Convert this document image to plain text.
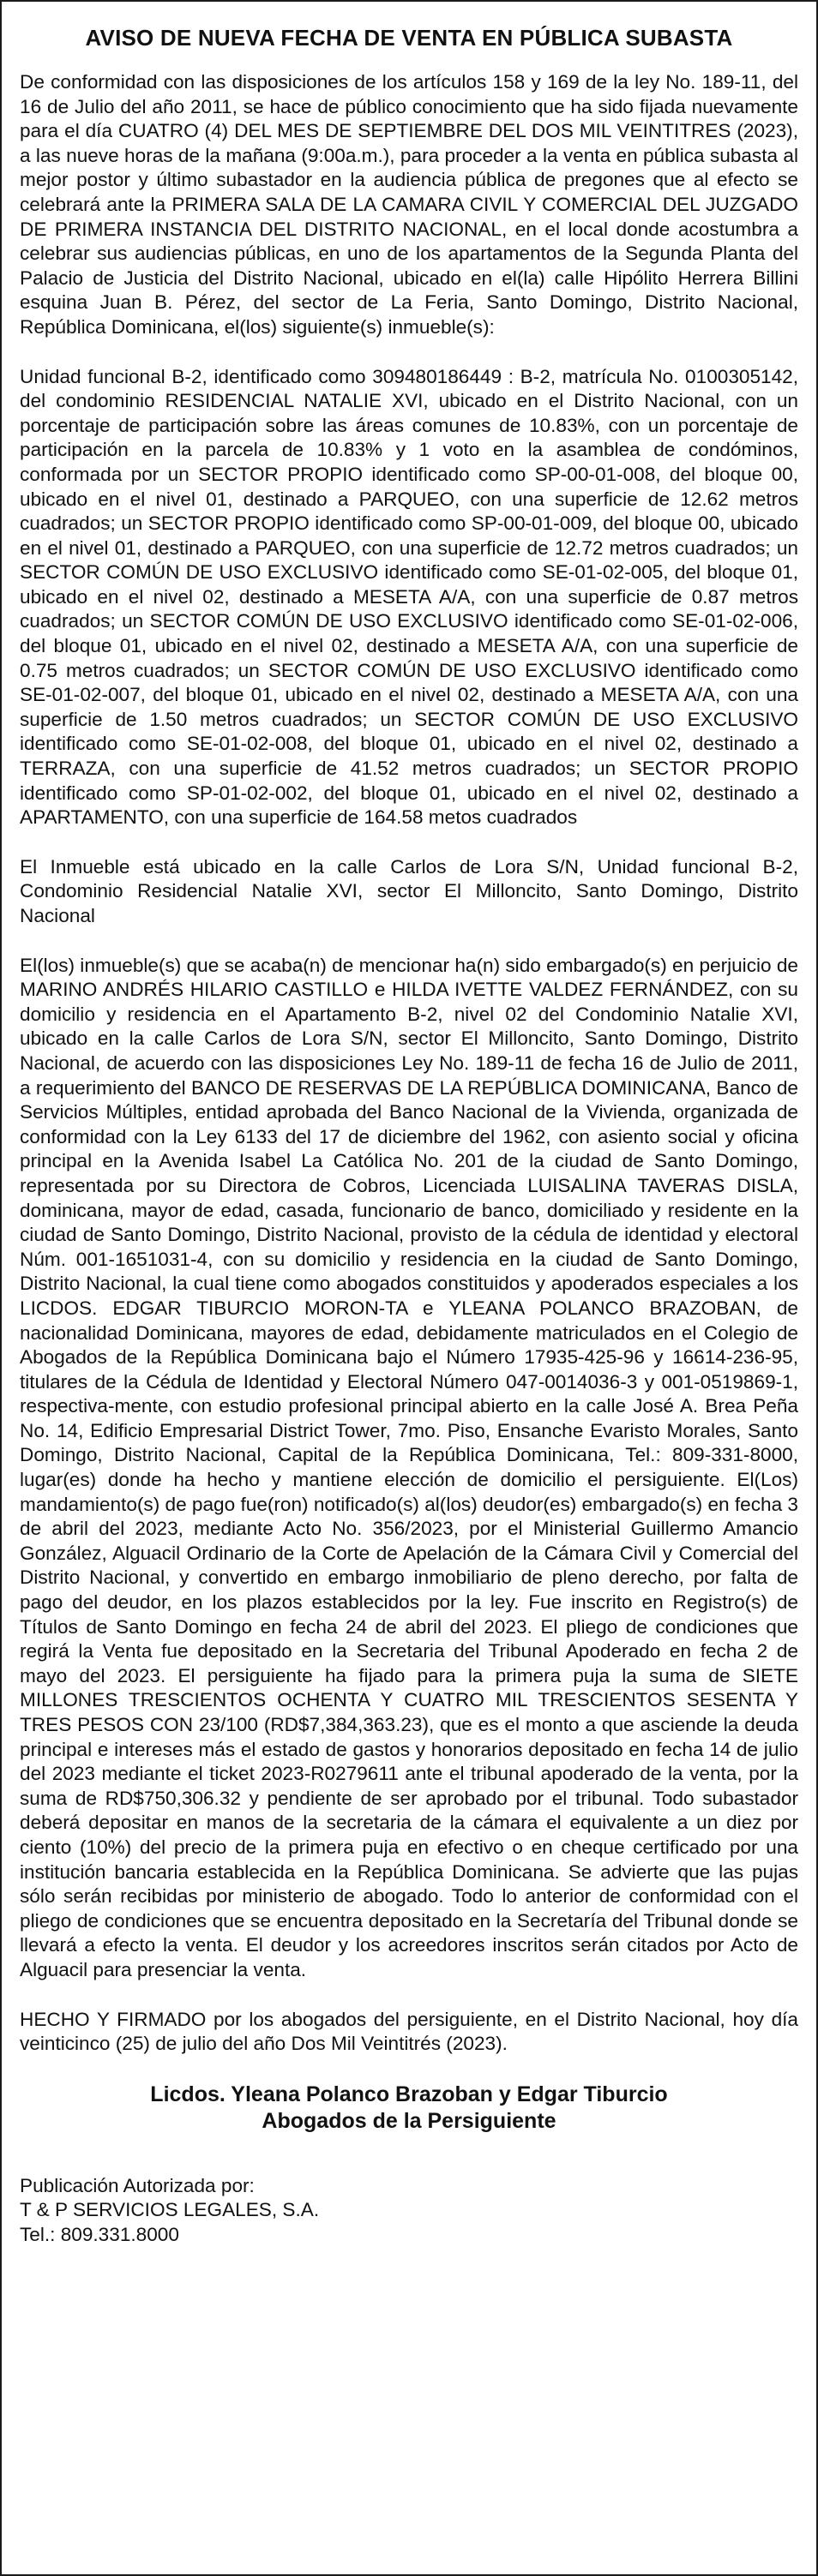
AVISO DE NUEVA FECHA DE VENTA EN PÚBLICA SUBASTA
De conformidad con las disposiciones de los artículos 158 y 169 de la ley No. 189-11, del 16 de Julio del año 2011, se hace de público conocimiento que ha sido fijada nuevamente para el día CUATRO (4) DEL MES DE SEPTIEMBRE DEL DOS MIL VEINTITRES (2023), a las nueve horas de la mañana (9:00a.m.), para proceder a la venta en pública subasta al mejor postor y último subastador en la audiencia pública de pregones que al efecto se celebrará ante la PRIMERA SALA DE LA CAMARA CIVIL Y COMERCIAL DEL JUZGADO DE PRIMERA INSTANCIA DEL DISTRITO NACIONAL, en el local donde acostumbra a celebrar sus audiencias públicas, en uno de los apartamentos de la Segunda Planta del Palacio de Justicia del Distrito Nacional, ubicado en el(la) calle Hipólito Herrera Billini esquina Juan B. Pérez, del sector de La Feria, Santo Domingo, Distrito Nacional, República Dominicana, el(los) siguiente(s) inmueble(s):
Unidad funcional B-2, identificado como 309480186449 : B-2, matrícula No. 0100305142, del condominio RESIDENCIAL NATALIE XVI, ubicado en el Distrito Nacional, con un porcentaje de participación sobre las áreas comunes de 10.83%, con un porcentaje de participación en la parcela de 10.83% y 1 voto en la asamblea de condóminos, conformada por un SECTOR PROPIO identificado como SP-00-01-008, del bloque 00, ubicado en el nivel 01, destinado a PARQUEO, con una superficie de 12.62 metros cuadrados; un SECTOR PROPIO identificado como SP-00-01-009, del bloque 00, ubicado en el nivel 01, destinado a PARQUEO, con una superficie de 12.72 metros cuadrados; un SECTOR COMÚN DE USO EXCLUSIVO identificado como SE-01-02-005, del bloque 01, ubicado en el nivel 02, destinado a MESETA A/A, con una superficie de 0.87 metros cuadrados; un SECTOR COMÚN DE USO EXCLUSIVO identificado como SE-01-02-006, del bloque 01, ubicado en el nivel 02, destinado a MESETA A/A, con una superficie de 0.75 metros cuadrados; un SECTOR COMÚN DE USO EXCLUSIVO identificado como SE-01-02-007, del bloque 01, ubicado en el nivel 02, destinado a MESETA A/A, con una superficie de 1.50 metros cuadrados; un SECTOR COMÚN DE USO EXCLUSIVO identificado como SE-01-02-008, del bloque 01, ubicado en el nivel 02, destinado a TERRAZA, con una superficie de 41.52 metros cuadrados; un SECTOR PROPIO identificado como SP-01-02-002, del bloque 01, ubicado en el nivel 02, destinado a APARTAMENTO, con una superficie de 164.58 metos cuadrados
El Inmueble está ubicado en la calle Carlos de Lora S/N, Unidad funcional B-2, Condominio Residencial Natalie XVI, sector El Milloncito, Santo Domingo, Distrito Nacional
El(los) inmueble(s) que se acaba(n) de mencionar ha(n) sido embargado(s) en perjuicio de MARINO ANDRÉS HILARIO CASTILLO e HILDA IVETTE VALDEZ FERNÁNDEZ, con su domicilio y residencia en el Apartamento B-2, nivel 02 del Condominio Natalie XVI, ubicado en la calle Carlos de Lora S/N, sector El Milloncito, Santo Domingo, Distrito Nacional, de acuerdo con las disposiciones Ley No. 189-11 de fecha 16 de Julio de 2011, a requerimiento del BANCO DE RESERVAS DE LA REPÚBLICA DOMINICANA, Banco de Servicios Múltiples, entidad aprobada del Banco Nacional de la Vivienda, organizada de conformidad con la Ley 6133 del 17 de diciembre del 1962, con asiento social y oficina principal en la Avenida Isabel La Católica No. 201 de la ciudad de Santo Domingo, representada por su Directora de Cobros, Licenciada LUISALINA TAVERAS DISLA, dominicana, mayor de edad, casada, funcionario de banco, domiciliado y residente en la ciudad de Santo Domingo, Distrito Nacional, provisto de la cédula de identidad y electoral Núm. 001-1651031-4, con su domicilio y residencia en la ciudad de Santo Domingo, Distrito Nacional, la cual tiene como abogados constituidos y apoderados especiales a los LICDOS. EDGAR TIBURCIO MORON-TA e YLEANA POLANCO BRAZOBAN, de nacionalidad Dominicana, mayores de edad, debidamente matriculados en el Colegio de Abogados de la República Dominicana bajo el Número 17935-425-96 y 16614-236-95, titulares de la Cédula de Identidad y Electoral Número 047-0014036-3 y 001-0519869-1, respectiva-mente, con estudio profesional principal abierto en la calle José A. Brea Peña No. 14, Edificio Empresarial District Tower, 7mo. Piso, Ensanche Evaristo Morales, Santo Domingo, Distrito Nacional, Capital de la República Dominicana, Tel.: 809-331-8000, lugar(es) donde ha hecho y mantiene elección de domicilio el persiguiente. El(Los) mandamiento(s) de pago fue(ron) notificado(s) al(los) deudor(es) embargado(s) en fecha 3 de abril del 2023, mediante Acto No. 356/2023, por el Ministerial Guillermo Amancio González, Alguacil Ordinario de la Corte de Apelación de la Cámara Civil y Comercial del Distrito Nacional, y convertido en embargo inmobiliario de pleno derecho, por falta de pago del deudor, en los plazos establecidos por la ley. Fue inscrito en Registro(s) de Títulos de Santo Domingo en fecha 24 de abril del 2023. El pliego de condiciones que regirá la Venta fue depositado en la Secretaria del Tribunal Apoderado en fecha 2 de mayo del 2023. El persiguiente ha fijado para la primera puja la suma de SIETE MILLONES TRESCIENTOS OCHENTA Y CUATRO MIL TRESCIENTOS SESENTA Y TRES PESOS CON 23/100 (RD$7,384,363.23), que es el monto a que asciende la deuda principal e intereses más el estado de gastos y honorarios depositado en fecha 14 de julio del 2023 mediante el ticket 2023-R0279611 ante el tribunal apoderado de la venta, por la suma de RD$750,306.32 y pendiente de ser aprobado por el tribunal. Todo subastador deberá depositar en manos de la secretaria de la cámara el equivalente a un diez por ciento (10%) del precio de la primera puja en efectivo o en cheque certificado por una institución bancaria establecida en la República Dominicana. Se advierte que las pujas sólo serán recibidas por ministerio de abogado. Todo lo anterior de conformidad con el pliego de condiciones que se encuentra depositado en la Secretaría del Tribunal donde se llevará a efecto la venta. El deudor y los acreedores inscritos serán citados por Acto de Alguacil para presenciar la venta.
HECHO Y FIRMADO por los abogados del persiguiente, en el Distrito Nacional, hoy día veinticinco (25) de julio del año Dos Mil Veintitrés (2023).
Licdos. Yleana Polanco Brazoban y Edgar Tiburcio
Abogados de la Persiguiente
Publicación Autorizada por:
T & P SERVICIOS LEGALES, S.A.
Tel.: 809.331.8000
